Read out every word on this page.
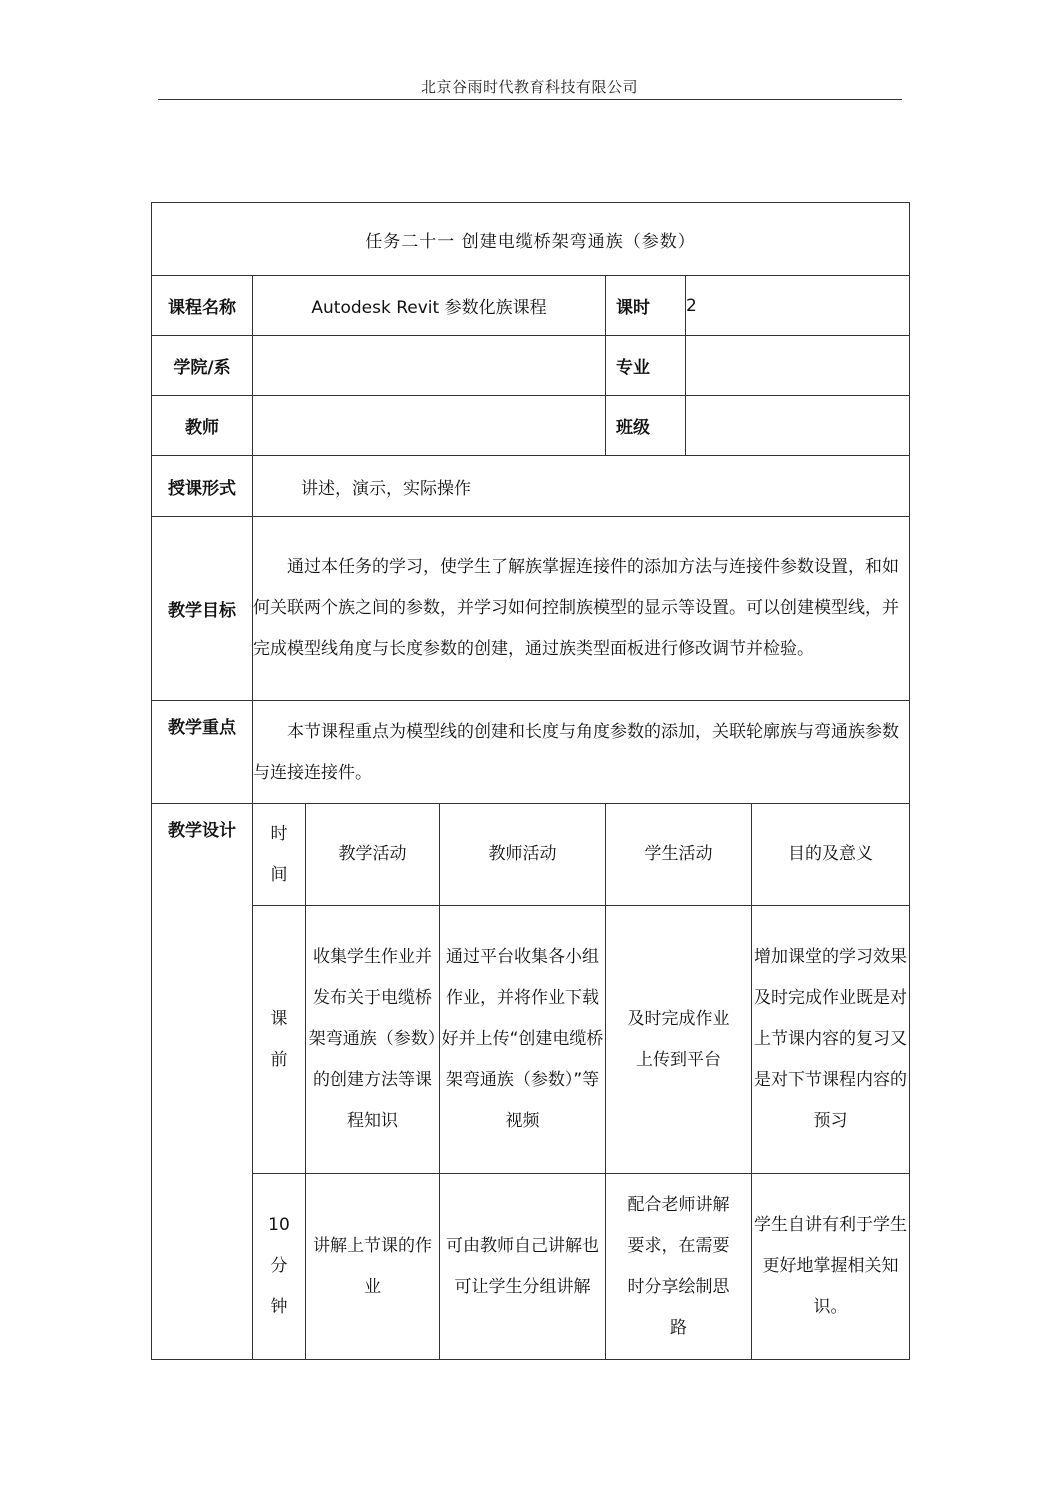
北京谷雨时代教育科技有限公司
任务二十一 创建电缆桥架弯通族（参数）						
课程名称	Autodesk Revit 参数化族课程			课时	2	
学院/系				专业		
教师				班级		
授课形式	讲述，演示，实际操作					
教学目标	通过本任务的学习，使学生了解族掌握连接件的添加方法与连接件参数设置，和如何关联两个族之间的参数，并学习如何控制族模型的显示等设置。可以创建模型线，并完成模型线角度与长度参数的创建，通过族类型面板进行修改调节并检验。					
教学重点	本节课程重点为模型线的创建和长度与角度参数的添加，关联轮廓族与弯通族参数与连接连接件。					
教学设计	时间	教学活动	教师活动	学生活动		目的及意义
	课前	收集学生作业并发布关于电缆桥架弯通族（参数）的创建方法等课程知识	通过平台收集各小组作业，并将作业下载好并上传“创建电缆桥架弯通族（参数）”等视频	及时完成作业上传到平台		增加课堂的学习效果及时完成作业既是对上节课内容的复习又是对下节课程内容的预习
	10分钟	讲解上节课的作业	可由教师自己讲解也可让学生分组讲解	配合老师讲解要求，在需要时分享绘制思路		学生自讲有利于学生更好地掌握相关知识。
